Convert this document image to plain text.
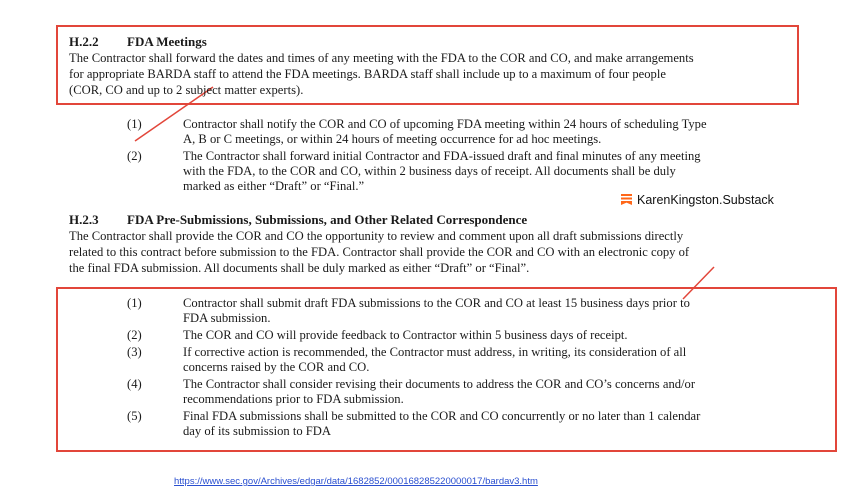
H.2.2 FDA Meetings
The Contractor shall forward the dates and times of any meeting with the FDA to the COR and CO, and make arrangements
for appropriate BARDA staff to attend the FDA meetings. BARDA staff shall include up to a maximum of four people
(COR, CO and up to 2 subject matter experts).
(1)	Contractor shall notify the COR and CO of upcoming FDA meeting within 24 hours of scheduling Type
A, B or C meetings, or within 24 hours of meeting occurrence for ad hoc meetings.
(2)	The Contractor shall forward initial Contractor and FDA-issued draft and final minutes of any meeting
with the FDA, to the COR and CO, within 2 business days of receipt. All documents shall be duly
marked as either “Draft” or “Final.”
KarenKingston.Substack
H.2.3 FDA Pre-Submissions, Submissions, and Other Related Correspondence
The Contractor shall provide the COR and CO the opportunity to review and comment upon all draft submissions directly
related to this contract before submission to the FDA. Contractor shall provide the COR and CO with an electronic copy of
the final FDA submission. All documents shall be duly marked as either “Draft” or “Final”.
(1)	Contractor shall submit draft FDA submissions to the COR and CO at least 15 business days prior to
FDA submission.
(2)	The COR and CO will provide feedback to Contractor within 5 business days of receipt.
(3)	If corrective action is recommended, the Contractor must address, in writing, its consideration of all
concerns raised by the COR and CO.
(4)	The Contractor shall consider revising their documents to address the COR and CO’s concerns and/or
recommendations prior to FDA submission.
(5)	Final FDA submissions shall be submitted to the COR and CO concurrently or no later than 1 calendar
day of its submission to FDA
https://www.sec.gov/Archives/edgar/data/1682852/000168285220000017/bardav3.htm
